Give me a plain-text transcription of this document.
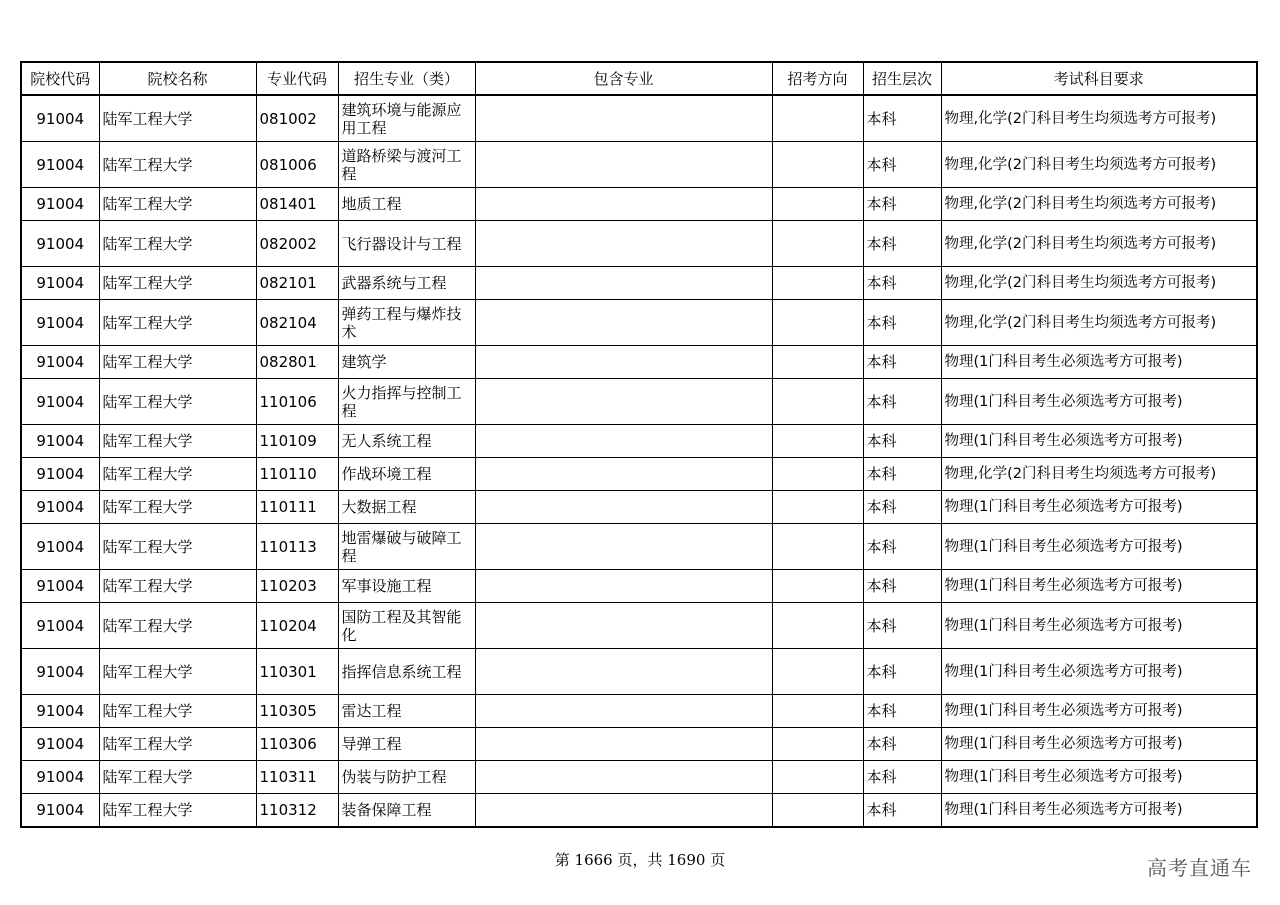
院校代码	院校名称	专业代码	招生专业（类）	包含专业	招考方向	招生层次	考试科目要求
91004	陆军工程大学	081002	建筑环境与能源应用工程			本科	物理,化学(2门科目考生均须选考方可报考)
91004	陆军工程大学	081006	道路桥梁与渡河工程			本科	物理,化学(2门科目考生均须选考方可报考)
91004	陆军工程大学	081401	地质工程			本科	物理,化学(2门科目考生均须选考方可报考)
91004	陆军工程大学	082002	飞行器设计与工程			本科	物理,化学(2门科目考生均须选考方可报考)
91004	陆军工程大学	082101	武器系统与工程			本科	物理,化学(2门科目考生均须选考方可报考)
91004	陆军工程大学	082104	弹药工程与爆炸技术			本科	物理,化学(2门科目考生均须选考方可报考)
91004	陆军工程大学	082801	建筑学			本科	物理(1门科目考生必须选考方可报考)
91004	陆军工程大学	110106	火力指挥与控制工程			本科	物理(1门科目考生必须选考方可报考)
91004	陆军工程大学	110109	无人系统工程			本科	物理(1门科目考生必须选考方可报考)
91004	陆军工程大学	110110	作战环境工程			本科	物理,化学(2门科目考生均须选考方可报考)
91004	陆军工程大学	110111	大数据工程			本科	物理(1门科目考生必须选考方可报考)
91004	陆军工程大学	110113	地雷爆破与破障工程			本科	物理(1门科目考生必须选考方可报考)
91004	陆军工程大学	110203	军事设施工程			本科	物理(1门科目考生必须选考方可报考)
91004	陆军工程大学	110204	国防工程及其智能化			本科	物理(1门科目考生必须选考方可报考)
91004	陆军工程大学	110301	指挥信息系统工程			本科	物理(1门科目考生必须选考方可报考)
91004	陆军工程大学	110305	雷达工程			本科	物理(1门科目考生必须选考方可报考)
91004	陆军工程大学	110306	导弹工程			本科	物理(1门科目考生必须选考方可报考)
91004	陆军工程大学	110311	伪装与防护工程			本科	物理(1门科目考生必须选考方可报考)
91004	陆军工程大学	110312	装备保障工程			本科	物理(1门科目考生必须选考方可报考)
第 1666 页，共 1690 页	高考直通车
